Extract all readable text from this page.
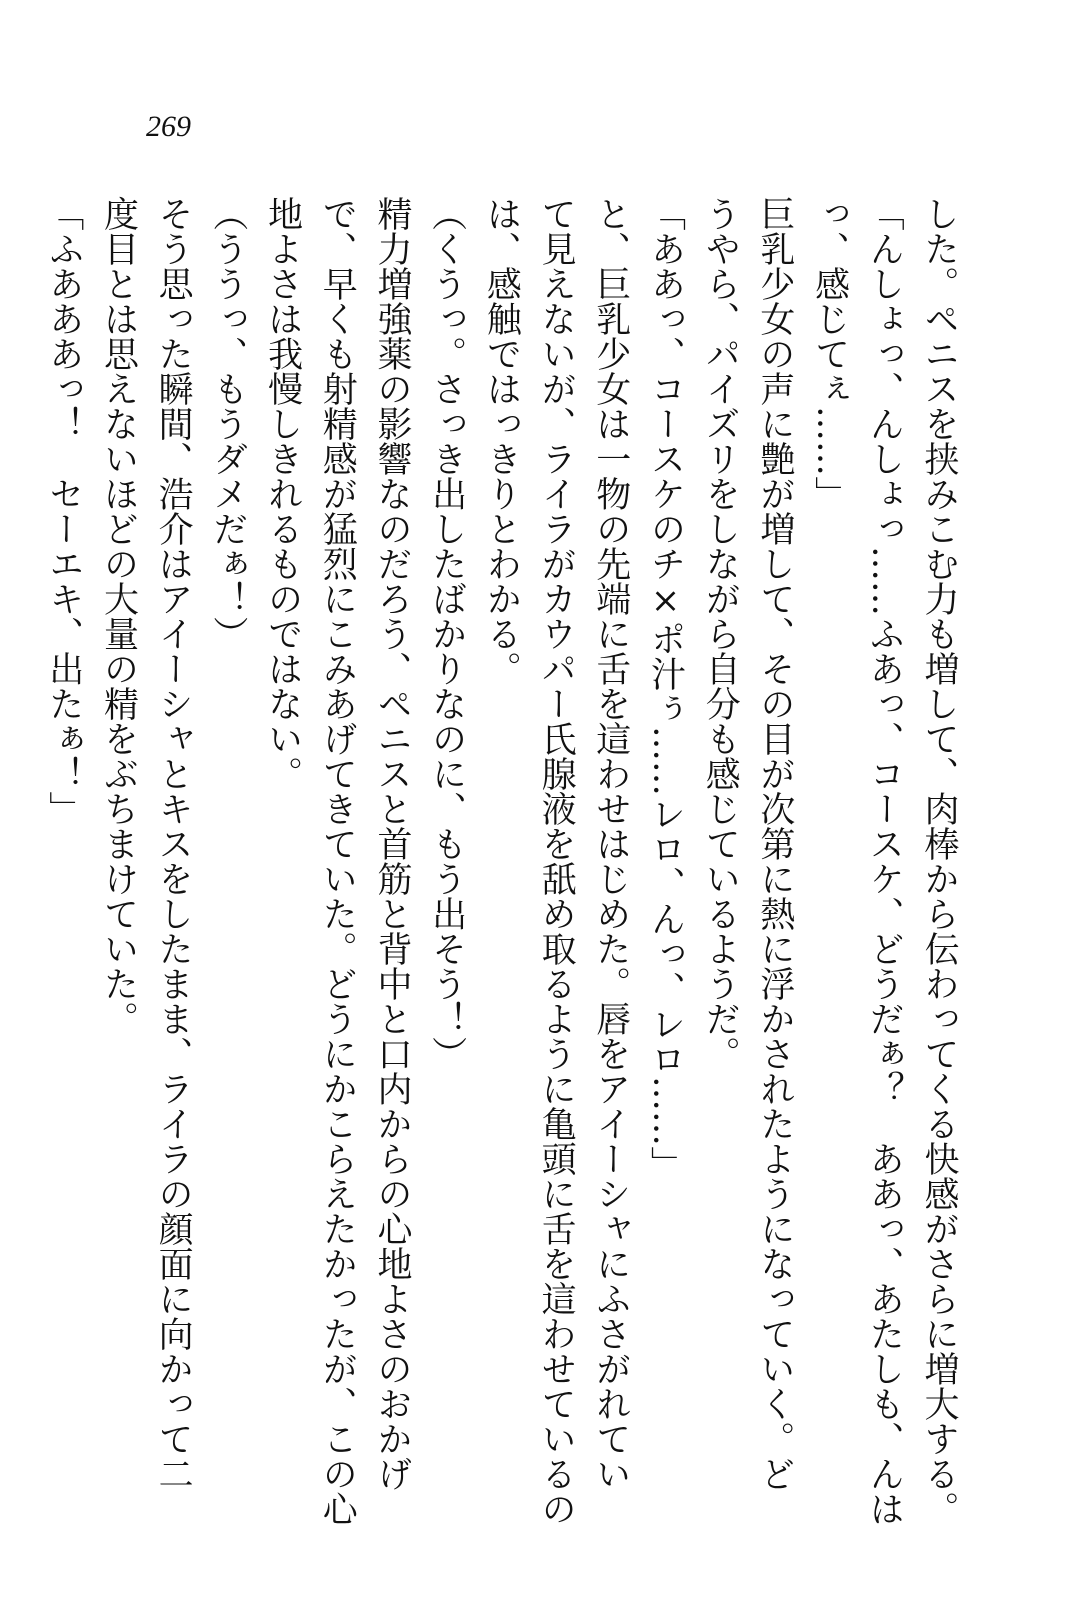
269
した。ペニスを挟みこむ力も増して、肉棒から伝わってくる快感がさらに増大する。
「んしょっ、んしょっ……ふあっ、コースケ、どうだぁ？　ああっ、あたしも、んは
っ、感じてぇ……」
巨乳少女の声に艶が増して、その目が次第に熱に浮かされたようになっていく。ど
うやら、パイズリをしながら自分も感じているようだ。
「ああっ、コースケのチ×ポ汁ぅ……レロ、んっ、レロ……」
と、巨乳少女は一物の先端に舌を這わせはじめた。唇をアイーシャにふさがれてい
て見えないが、ライラがカウパー氏腺液を舐め取るように亀頭に舌を這わせているの
は、感触ではっきりとわかる。
（くうっ。さっき出したばかりなのに、もう出そう！）
精力増強薬の影響なのだろう、ペニスと首筋と背中と口内からの心地よさのおかげ
で、早くも射精感が猛烈にこみあげてきていた。どうにかこらえたかったが、この心
地よさは我慢しきれるものではない。
（ううっ、もうダメだぁ！）
そう思った瞬間、浩介はアイーシャとキスをしたまま、ライラの顔面に向かって二
度目とは思えないほどの大量の精をぶちまけていた。
「ふあああっ！　セーエキ、出たぁ！」
